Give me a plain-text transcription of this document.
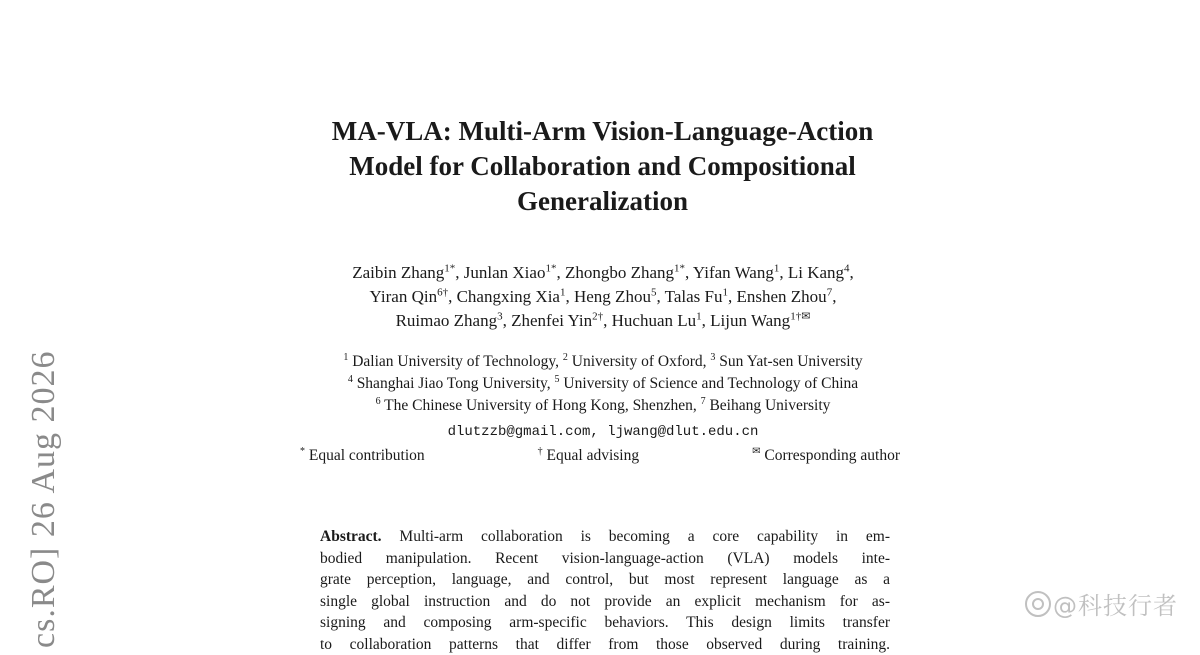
cs.RO] 26 Aug 2026
MA-VLA: Multi-Arm Vision-Language-Action
Model for Collaboration and Compositional
Generalization
Zaibin Zhang$^{1*}$, Junlan Xiao$^{1*}$, Zhongbo Zhang$^{1*}$, Yifan Wang$^1$, Li Kang$^4$,
Yiran Qin$^{6\dagger}$, Changxing Xia$^1$, Heng Zhou$^5$, Talas Fu$^1$, Enshen Zhou$^7$,
Ruimao Zhang$^3$, Zhenfei Yin$^{2\dagger}$, Huchuan Lu$^1$, Lijun Wang$^{1\dagger✉}$
$^1$ Dalian University of Technology, $^2$ University of Oxford, $^3$ Sun Yat-sen University
$^4$ Shanghai Jiao Tong University, $^5$ University of Science and Technology of China
$^6$ The Chinese University of Hong Kong, Shenzhen, $^7$ Beihang University
dlutzzb@gmail.com, ljwang@dlut.edu.cn
* Equal contribution	† Equal advising	✉ Corresponding author
Abstract. Multi-arm collaboration is becoming a core capability in em-
bodied manipulation. Recent vision-language-action (VLA) models inte-
grate perception, language, and control, but most represent language as a
single global instruction and do not provide an explicit mechanism for as-
signing and composing arm-specific behaviors. This design limits transfer
to collaboration patterns that differ from those observed during training.
@科技行者
